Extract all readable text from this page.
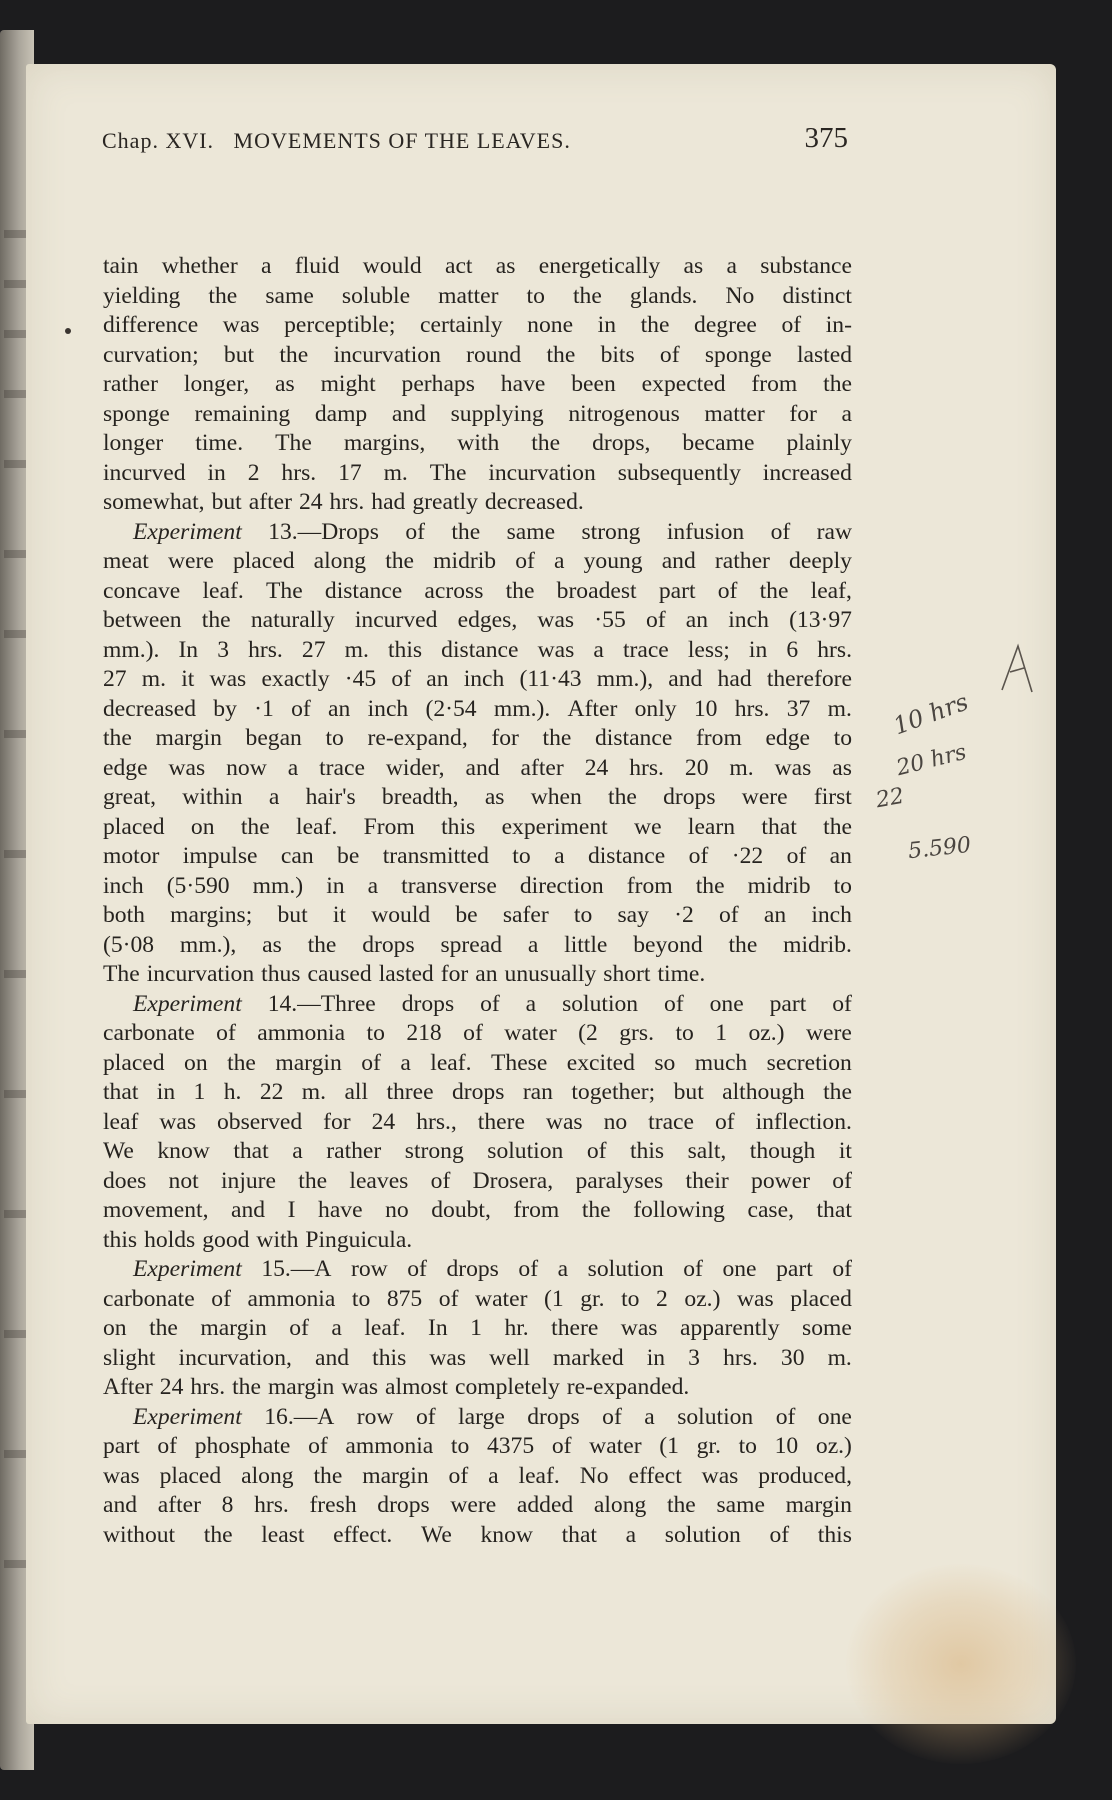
Chap. XVI.   MOVEMENTS OF THE LEAVES.	375
tain whether a fluid would act as energetically as a substance
yielding the same soluble matter to the glands. No distinct
difference was perceptible; certainly none in the degree of in-
curvation; but the incurvation round the bits of sponge lasted
rather longer, as might perhaps have been expected from the
sponge remaining damp and supplying nitrogenous matter for a
longer time. The margins, with the drops, became plainly
incurved in 2 hrs. 17 m. The incurvation subsequently increased
somewhat, but after 24 hrs. had greatly decreased.
Experiment 13.—Drops of the same strong infusion of raw
meat were placed along the midrib of a young and rather deeply
concave leaf. The distance across the broadest part of the leaf,
between the naturally incurved edges, was ·55 of an inch (13·97
mm.). In 3 hrs. 27 m. this distance was a trace less; in 6 hrs.
27 m. it was exactly ·45 of an inch (11·43 mm.), and had therefore
decreased by ·1 of an inch (2·54 mm.). After only 10 hrs. 37 m.
the margin began to re-expand, for the distance from edge to
edge was now a trace wider, and after 24 hrs. 20 m. was as
great, within a hair's breadth, as when the drops were first
placed on the leaf. From this experiment we learn that the
motor impulse can be transmitted to a distance of ·22 of an
inch (5·590 mm.) in a transverse direction from the midrib to
both margins; but it would be safer to say ·2 of an inch
(5·08 mm.), as the drops spread a little beyond the midrib.
The incurvation thus caused lasted for an unusually short time.
Experiment 14.—Three drops of a solution of one part of
carbonate of ammonia to 218 of water (2 grs. to 1 oz.) were
placed on the margin of a leaf. These excited so much secretion
that in 1 h. 22 m. all three drops ran together; but although the
leaf was observed for 24 hrs., there was no trace of inflection.
We know that a rather strong solution of this salt, though it
does not injure the leaves of Drosera, paralyses their power of
movement, and I have no doubt, from the following case, that
this holds good with Pinguicula.
Experiment 15.—A row of drops of a solution of one part of
carbonate of ammonia to 875 of water (1 gr. to 2 oz.) was placed
on the margin of a leaf. In 1 hr. there was apparently some
slight incurvation, and this was well marked in 3 hrs. 30 m.
After 24 hrs. the margin was almost completely re-expanded.
Experiment 16.—A row of large drops of a solution of one
part of phosphate of ammonia to 4375 of water (1 gr. to 10 oz.)
was placed along the margin of a leaf. No effect was produced,
and after 8 hrs. fresh drops were added along the same margin
without the least effect. We know that a solution of this
10 hrs
20 hrs
22
5.590
